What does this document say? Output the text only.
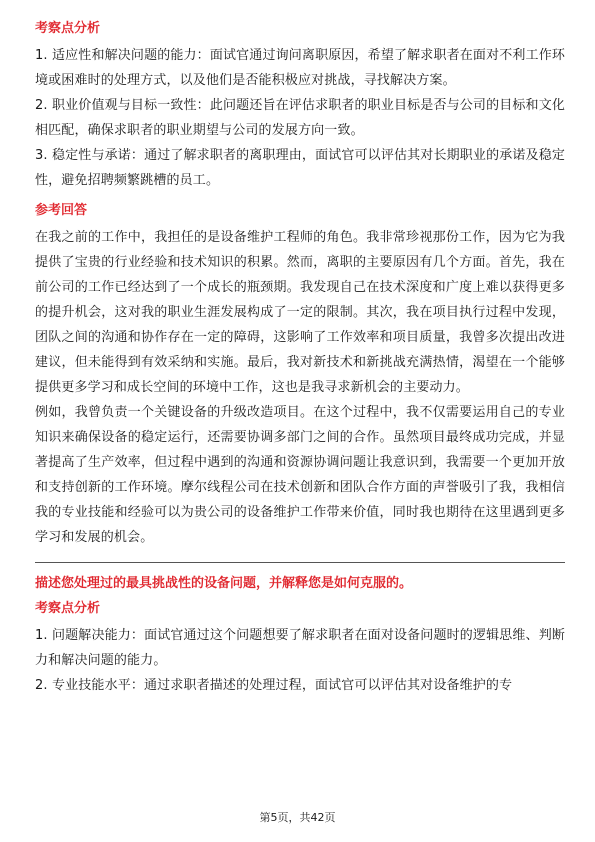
考察点分析

1. 适应性和解决问题的能力：面试官通过询问离职原因，希望了解求职者在面对不利工作环境或困难时的处理方式，以及他们是否能积极应对挑战，寻找解决方案。

2. 职业价值观与目标一致性：此问题还旨在评估求职者的职业目标是否与公司的目标和文化相匹配，确保求职者的职业期望与公司的发展方向一致。

3. 稳定性与承诺：通过了解求职者的离职理由，面试官可以评估其对长期职业的承诺及稳定性，避免招聘频繁跳槽的员工。

参考回答

在我之前的工作中，我担任的是设备维护工程师的角色。我非常珍视那份工作，因为它为我提供了宝贵的行业经验和技术知识的积累。然而，离职的主要原因有几个方面。首先，我在前公司的工作已经达到了一个成长的瓶颈期。我发现自己在技术深度和广度上难以获得更多的提升机会，这对我的职业生涯发展构成了一定的限制。其次，我在项目执行过程中发现，团队之间的沟通和协作存在一定的障碍，这影响了工作效率和项目质量，我曾多次提出改进建议，但未能得到有效采纳和实施。最后，我对新技术和新挑战充满热情，渴望在一个能够提供更多学习和成长空间的环境中工作，这也是我寻求新机会的主要动力。

例如，我曾负责一个关键设备的升级改造项目。在这个过程中，我不仅需要运用自己的专业知识来确保设备的稳定运行，还需要协调多部门之间的合作。虽然项目最终成功完成，并显著提高了生产效率，但过程中遇到的沟通和资源协调问题让我意识到，我需要一个更加开放和支持创新的工作环境。摩尔线程公司在技术创新和团队合作方面的声誉吸引了我，我相信我的专业技能和经验可以为贵公司的设备维护工作带来价值，同时我也期待在这里遇到更多学习和发展的机会。

描述您处理过的最具挑战性的设备问题，并解释您是如何克服的。
考察点分析

1. 问题解决能力：面试官通过这个问题想要了解求职者在面对设备问题时的逻辑思维、判断力和解决问题的能力。

2. 专业技能水平：通过求职者描述的处理过程，面试官可以评估其对设备维护的专

第5页，共42页
